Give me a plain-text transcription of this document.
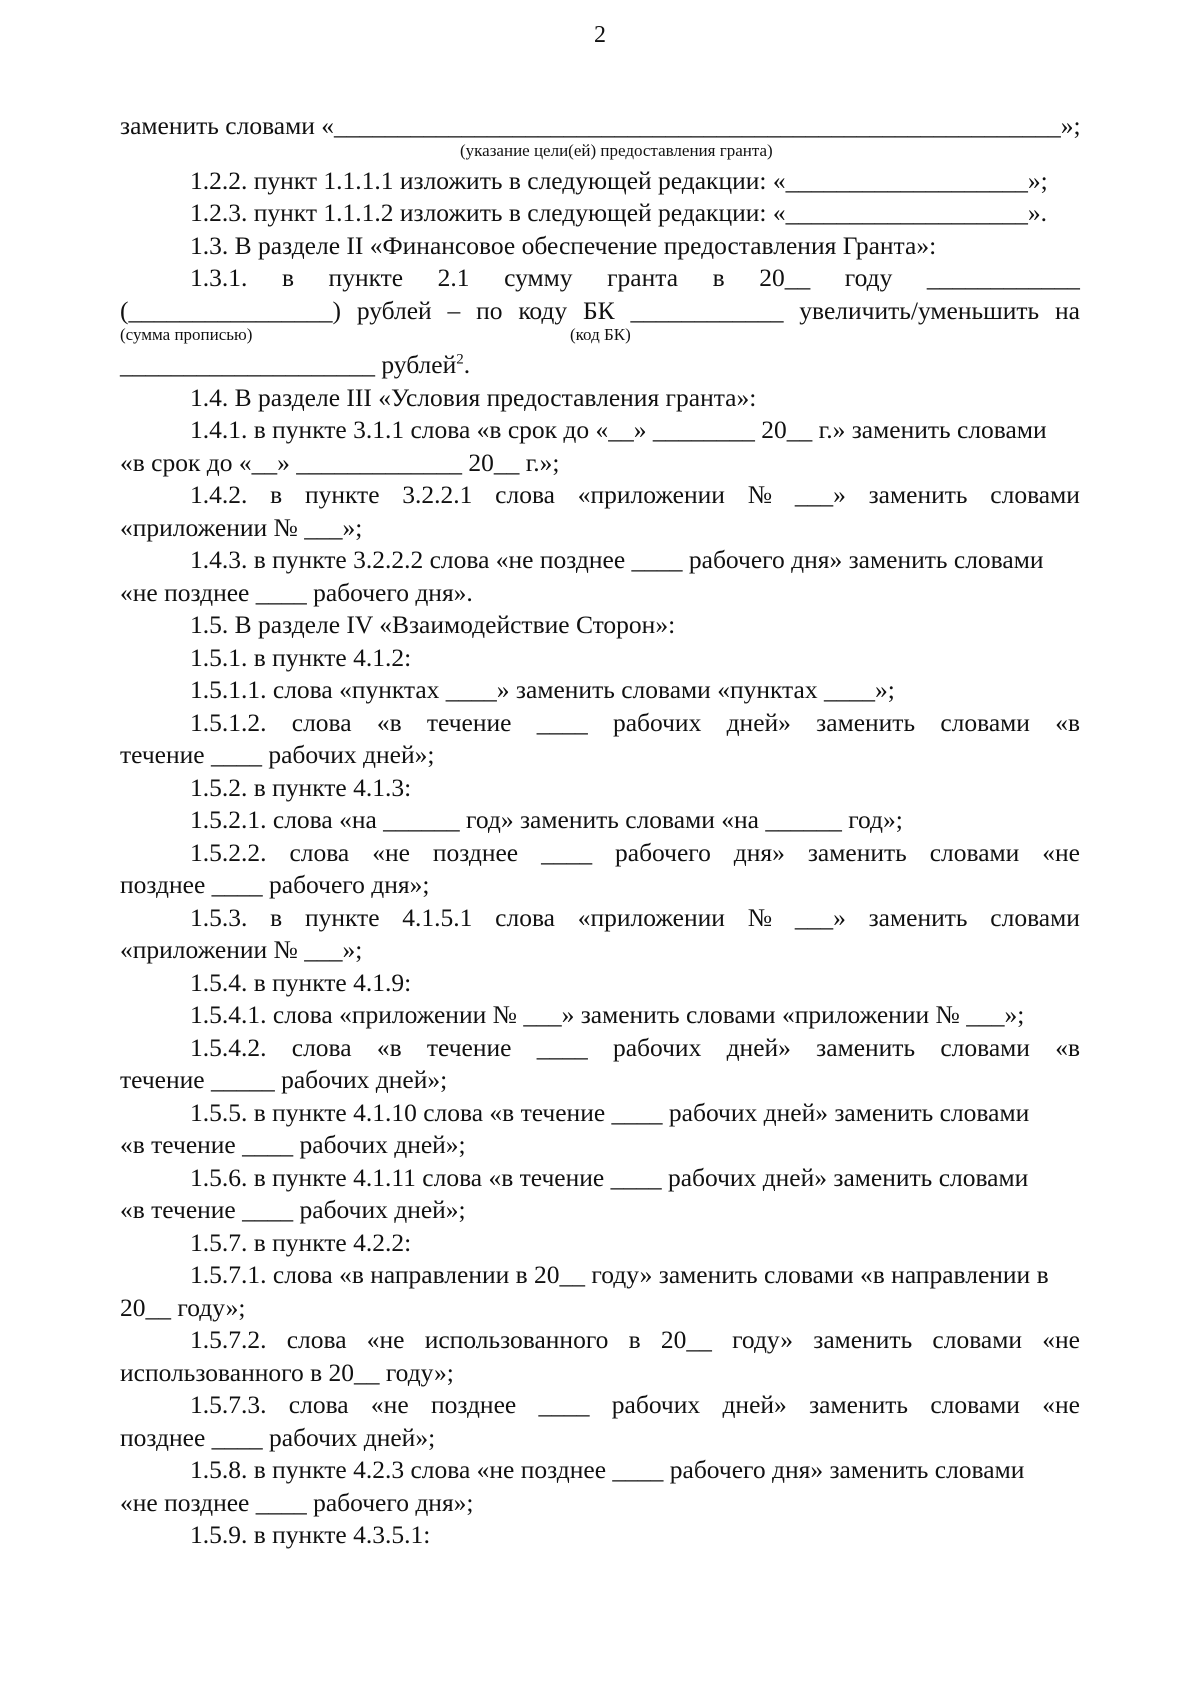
2
заменить словами «_________________________________________________________»;
(указание цели(ей) предоставления гранта)
1.2.2. пункт 1.1.1.1 изложить в следующей редакции: «___________________»;
1.2.3. пункт 1.1.1.2 изложить в следующей редакции: «___________________».
1.3. В разделе II «Финансовое обеспечение предоставления Гранта»:
1.3.1. в пункте 2.1 сумму гранта в 20__ году ____________
(________________) рублей – по коду БК ____________ увеличить/уменьшить на
(сумма прописью)	(код БК)
____________________ рублей$^2$.
1.4. В разделе III «Условия предоставления гранта»:
1.4.1. в пункте 3.1.1 слова «в срок до «__» ________ 20__ г.» заменить словами
«в срок до «__» _____________ 20__ г.»;
1.4.2. в пункте 3.2.2.1 слова «приложении № ___» заменить словами
«приложении № ___»;
1.4.3. в пункте 3.2.2.2 слова «не позднее ____ рабочего дня» заменить словами
«не позднее ____ рабочего дня».
1.5. В разделе IV «Взаимодействие Сторон»:
1.5.1. в пункте 4.1.2:
1.5.1.1. слова «пунктах ____» заменить словами «пунктах ____»;
1.5.1.2. слова «в течение ____ рабочих дней» заменить словами «в
течение ____ рабочих дней»;
1.5.2. в пункте 4.1.3:
1.5.2.1. слова «на ______ год» заменить словами «на ______ год»;
1.5.2.2. слова «не позднее ____ рабочего дня» заменить словами «не
позднее ____ рабочего дня»;
1.5.3. в пункте 4.1.5.1 слова «приложении № ___» заменить словами
«приложении № ___»;
1.5.4. в пункте 4.1.9:
1.5.4.1. слова «приложении № ___» заменить словами «приложении № ___»;
1.5.4.2. слова «в течение ____ рабочих дней» заменить словами «в
течение _____ рабочих дней»;
1.5.5. в пункте 4.1.10 слова «в течение ____ рабочих дней» заменить словами
«в течение ____ рабочих дней»;
1.5.6. в пункте 4.1.11 слова «в течение ____ рабочих дней» заменить словами
«в течение ____ рабочих дней»;
1.5.7. в пункте 4.2.2:
1.5.7.1. слова «в направлении в 20__ году» заменить словами «в направлении в
20__ году»;
1.5.7.2. слова «не использованного в 20__ году» заменить словами «не
использованного в 20__ году»;
1.5.7.3. слова «не позднее ____ рабочих дней» заменить словами «не
позднее ____ рабочих дней»;
1.5.8. в пункте 4.2.3 слова «не позднее ____ рабочего дня» заменить словами
«не позднее ____ рабочего дня»;
1.5.9. в пункте 4.3.5.1:
